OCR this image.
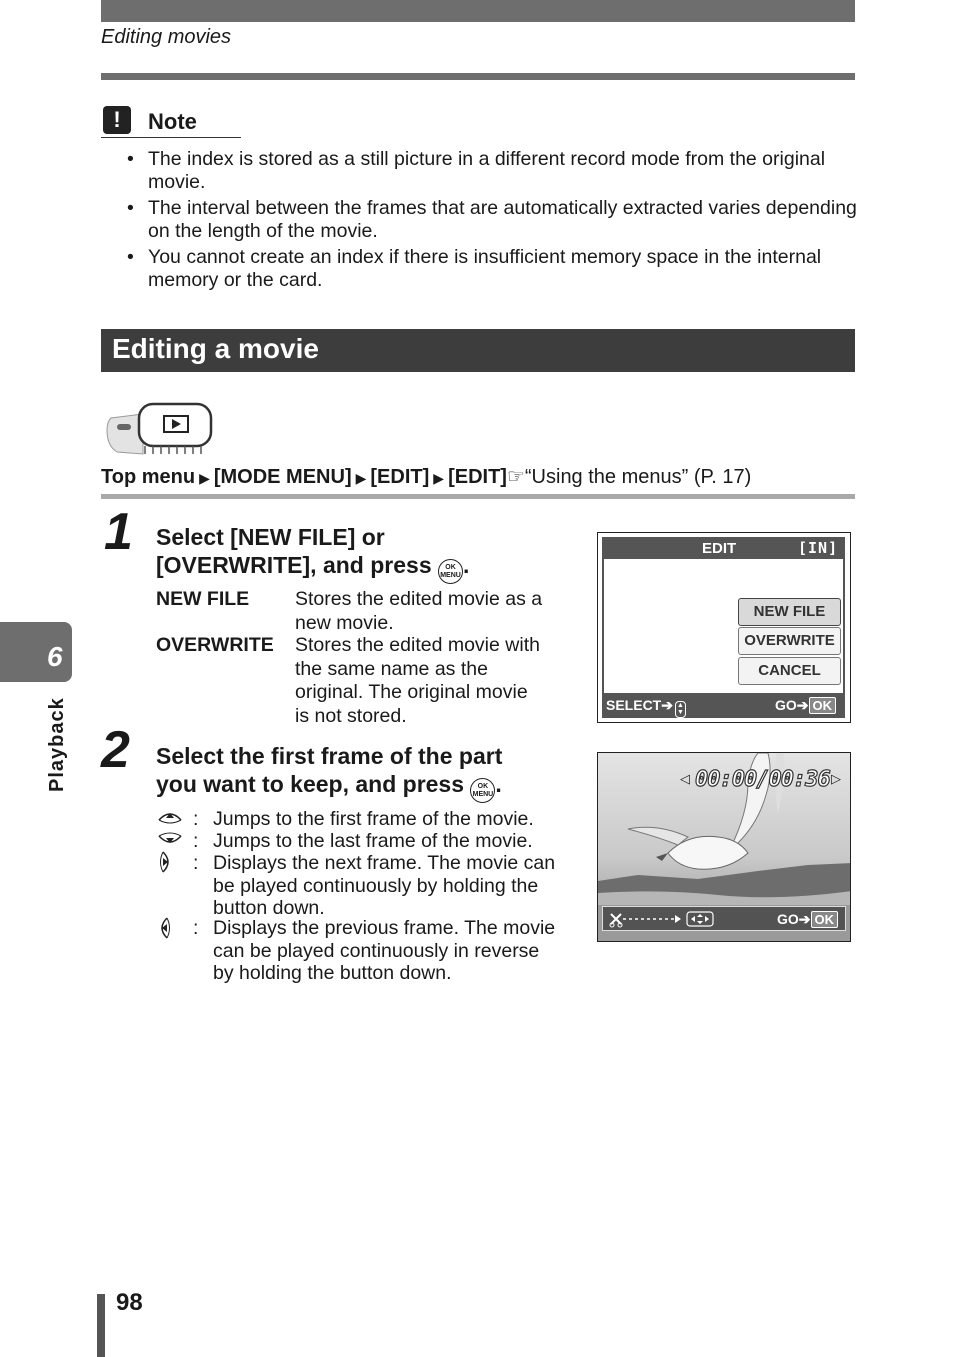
Editing movies
!	Note
• The index is stored as a still picture in a different record mode from the original movie.
• The interval between the frames that are automatically extracted varies depending on the length of the movie.
• You cannot create an index if there is insufficient memory space in the internal memory or the card.
Editing a movie
Top menu ▶ [MODE MENU] ▶ [EDIT] ▶ [EDIT]☞“Using the menus” (P. 17)
1 Select [NEW FILE] or
[OVERWRITE], and press OK
MENU.
NEW FILE Stores the edited movie as a new movie.
OVERWRITE Stores the edited movie with the same name as the original. The original movie is not stored.
2 Select the first frame of the part
you want to keep, and press OK
MENU.
: Jumps to the first frame of the movie.
: Jumps to the last frame of the movie.
: Displays the next frame. The movie can be played continuously by holding the button down.
: Displays the previous frame. The movie can be played continuously in reverse by holding the button down.
EDIT	[IN]
NEW FILE
OVERWRITE
CANCEL
SELECT➔ ▲
▼	GO➔ OK
◁ 00:00/00:36 ▷
GO➔ OK
6
Playback
98
